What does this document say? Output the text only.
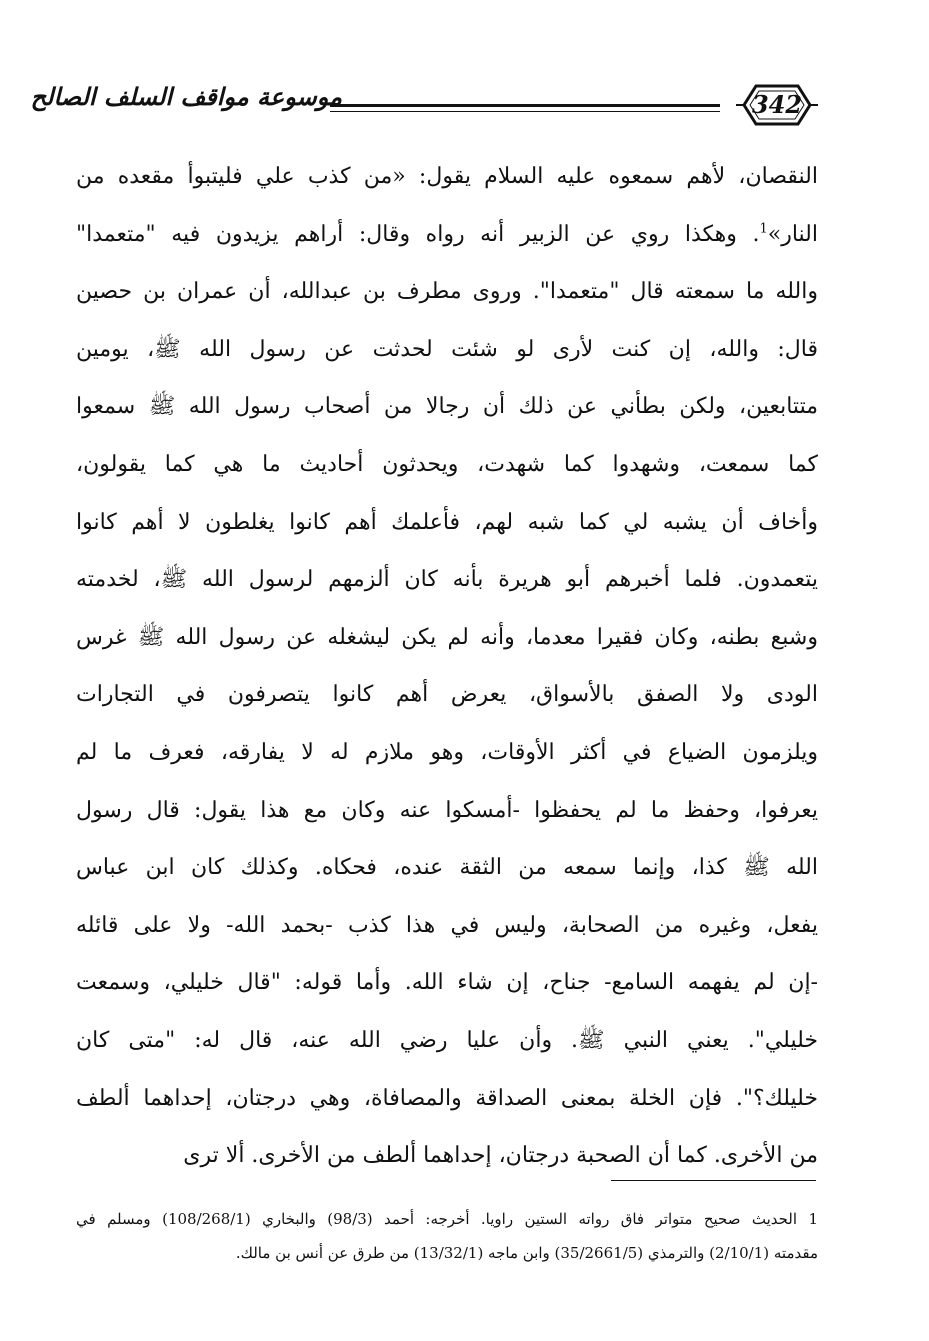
موسوعة مواقف السلف الصالح	342
النقصان، لأهم سمعوه عليه السلام يقول: «من كذب علي فليتبوأ مقعده من
النار»$^1$. وهكذا روي عن الزبير أنه رواه وقال: أراهم يزيدون فيه "متعمدا"
والله ما سمعته قال "متعمدا". وروى مطرف بن عبدالله، أن عمران بن حصين
قال: والله، إن كنت لأرى لو شئت لحدثت عن رسول الله ﷺ، يومين
متتابعين، ولكن بطأني عن ذلك أن رجالا من أصحاب رسول الله ﷺ سمعوا
كما سمعت، وشهدوا كما شهدت، ويحدثون أحاديث ما هي كما يقولون،
وأخاف أن يشبه لي كما شبه لهم، فأعلمك أهم كانوا يغلطون لا أهم كانوا
يتعمدون. فلما أخبرهم أبو هريرة بأنه كان ألزمهم لرسول الله ﷺ، لخدمته
وشبع بطنه، وكان فقيرا معدما، وأنه لم يكن ليشغله عن رسول الله ﷺ غرس
الودى ولا الصفق بالأسواق، يعرض أهم كانوا يتصرفون في التجارات
ويلزمون الضياع في أكثر الأوقات، وهو ملازم له لا يفارقه، فعرف ما لم
يعرفوا، وحفظ ما لم يحفظوا -أمسكوا عنه وكان مع هذا يقول: قال رسول
الله ﷺ كذا، وإنما سمعه من الثقة عنده، فحكاه. وكذلك كان ابن عباس
يفعل، وغيره من الصحابة، وليس في هذا كذب -بحمد الله- ولا على قائله
-إن لم يفهمه السامع- جناح، إن شاء الله. وأما قوله: "قال خليلي، وسمعت
خليلي". يعني النبي ﷺ. وأن عليا رضي الله عنه، قال له: "متى كان
خليلك؟". فإن الخلة بمعنى الصداقة والمصافاة، وهي درجتان، إحداهما ألطف
من الأخرى. كما أن الصحبة درجتان، إحداهما ألطف من الأخرى. ألا ترى
1 الحديث صحيح متواتر فاق رواته الستين راويا. أخرجه: أحمد (98/3) والبخاري (108/268/1) ومسلم في
مقدمته (2/10/1) والترمذي (35/2661/5) وابن ماجه (13/32/1) من طرق عن أنس بن مالك.
